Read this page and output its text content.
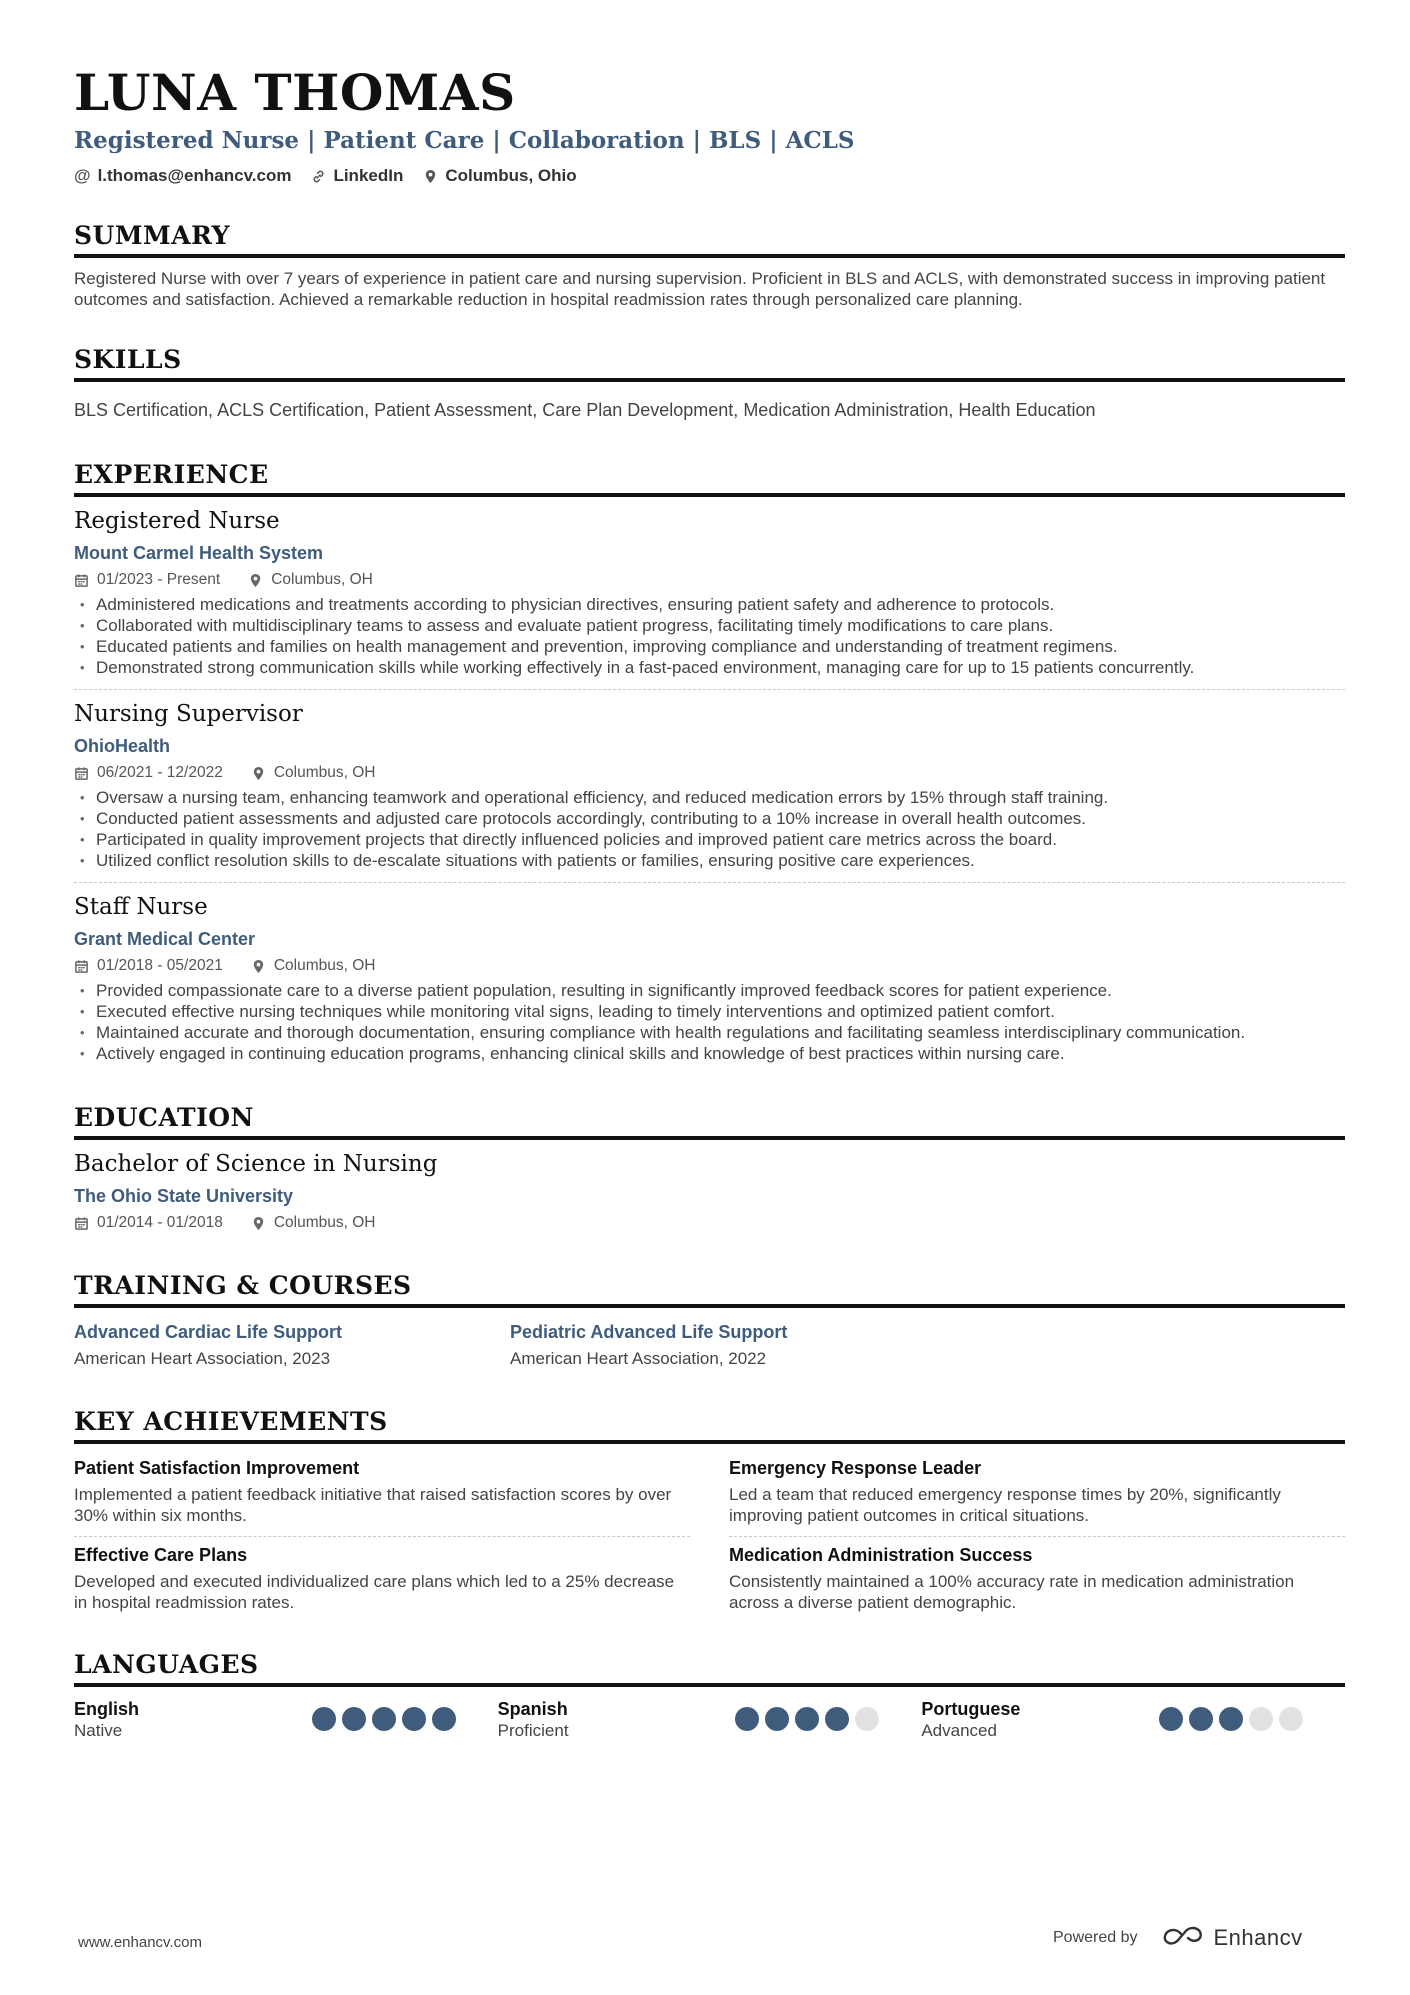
LUNA THOMAS
Registered Nurse | Patient Care | Collaboration | BLS | ACLS
@ l.thomas@enhancv.com LinkedIn Columbus, Ohio
SUMMARY
Registered Nurse with over 7 years of experience in patient care and nursing supervision. Proficient in BLS and ACLS, with demonstrated success in improving patient outcomes and satisfaction. Achieved a remarkable reduction in hospital readmission rates through personalized care planning.
SKILLS
BLS Certification, ACLS Certification, Patient Assessment, Care Plan Development, Medication Administration, Health Education
EXPERIENCE
Registered Nurse
Mount Carmel Health System
01/2023 - Present	Columbus, OH
• Administered medications and treatments according to physician directives, ensuring patient safety and adherence to protocols.
• Collaborated with multidisciplinary teams to assess and evaluate patient progress, facilitating timely modifications to care plans.
• Educated patients and families on health management and prevention, improving compliance and understanding of treatment regimens.
• Demonstrated strong communication skills while working effectively in a fast-paced environment, managing care for up to 15 patients concurrently.
Nursing Supervisor
OhioHealth
06/2021 - 12/2022	Columbus, OH
• Oversaw a nursing team, enhancing teamwork and operational efficiency, and reduced medication errors by 15% through staff training.
• Conducted patient assessments and adjusted care protocols accordingly, contributing to a 10% increase in overall health outcomes.
• Participated in quality improvement projects that directly influenced policies and improved patient care metrics across the board.
• Utilized conflict resolution skills to de-escalate situations with patients or families, ensuring positive care experiences.
Staff Nurse
Grant Medical Center
01/2018 - 05/2021	Columbus, OH
• Provided compassionate care to a diverse patient population, resulting in significantly improved feedback scores for patient experience.
• Executed effective nursing techniques while monitoring vital signs, leading to timely interventions and optimized patient comfort.
• Maintained accurate and thorough documentation, ensuring compliance with health regulations and facilitating seamless interdisciplinary communication.
• Actively engaged in continuing education programs, enhancing clinical skills and knowledge of best practices within nursing care.
EDUCATION
Bachelor of Science in Nursing
The Ohio State University
01/2014 - 01/2018	Columbus, OH
TRAINING & COURSES
Advanced Cardiac Life Support
American Heart Association, 2023
Pediatric Advanced Life Support
American Heart Association, 2022
KEY ACHIEVEMENTS
Patient Satisfaction Improvement
Implemented a patient feedback initiative that raised satisfaction scores by over 30% within six months.
Emergency Response Leader
Led a team that reduced emergency response times by 20%, significantly improving patient outcomes in critical situations.
Effective Care Plans
Developed and executed individualized care plans which led to a 25% decrease in hospital readmission rates.
Medication Administration Success
Consistently maintained a 100% accuracy rate in medication administration across a diverse patient demographic.
LANGUAGES
English
Native
Spanish
Proficient
Portuguese
Advanced
www.enhancv.com	Powered by	Enhancv
